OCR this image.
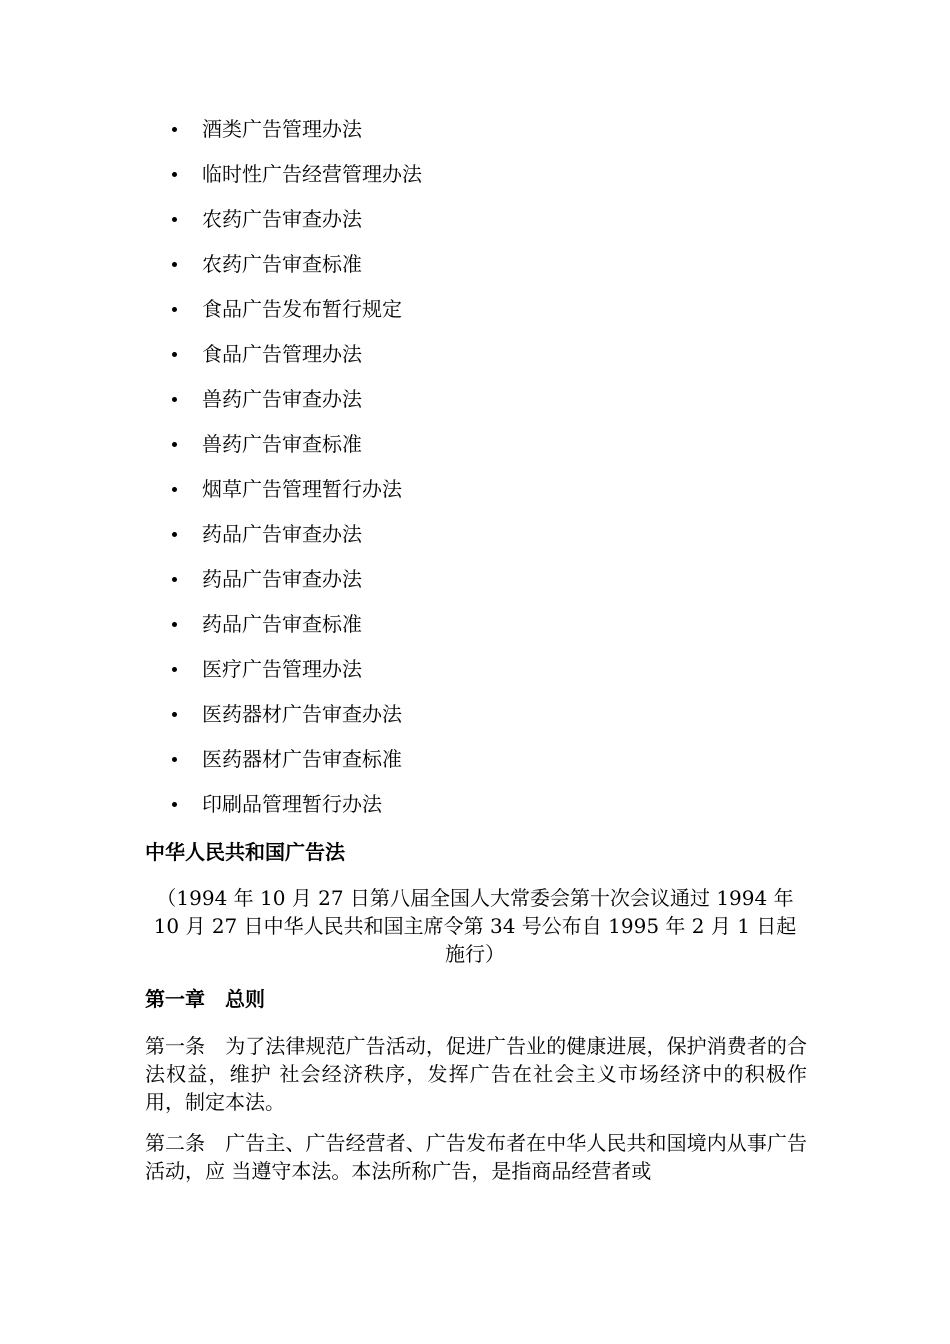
酒类广告管理办法
临时性广告经营管理办法
农药广告审查办法
农药广告审查标准
食品广告发布暂行规定
食品广告管理办法
兽药广告审查办法
兽药广告审查标准
烟草广告管理暂行办法
药品广告审查办法
药品广告审查办法
药品广告审查标准
医疗广告管理办法
医药器材广告审查办法
医药器材广告审查标准
印刷品管理暂行办法
中华人民共和国广告法

（1994 年 10 月 27 日第八届全国人大常委会第十次会议通过 1994 年 10 月 27 日中华人民共和国主席令第 34 号公布自 1995 年 2 月 1 日起施行）

第一章　总则

第一条　为了法律规范广告活动，促进广告业的健康进展，保护消费者的合法权益，维护 社会经济秩序，发挥广告在社会主义市场经济中的积极作用，制定本法。

第二条　广告主、广告经营者、广告发布者在中华人民共和国境内从事广告活动，应 当遵守本法。本法所称广告，是指商品经营者或
